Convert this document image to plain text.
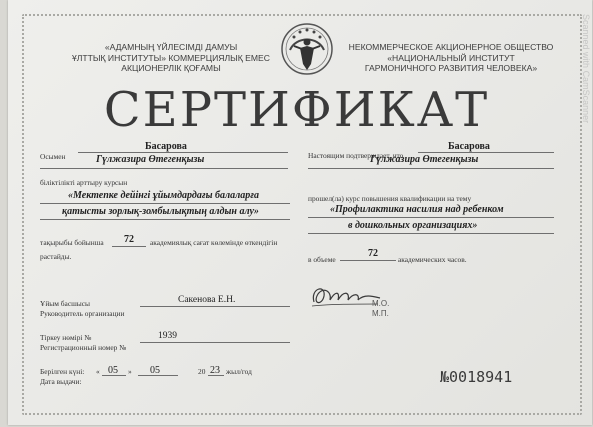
Scanned with CamScanner
«АДАМНЫҢ ҮЙЛЕСІМДІ ДАМУЫ
ҰЛТТЫҚ ИНСТИТУТЫ» КОММЕРЦИЯЛЫҚ ЕМЕС
АКЦИОНЕРЛІК ҚОҒАМЫ
НЕКОММЕРЧЕСКОЕ АКЦИОНЕРНОЕ ОБЩЕСТВО
«НАЦИОНАЛЬНЫЙ ИНСТИТУТ
ГАРМОНИЧНОГО РАЗВИТИЯ ЧЕЛОВЕКА»
СЕРТИФИКАТ
Басарова
Осымен	Гүлжазира Өтегенқызы
біліктілікті арттыру курсын
«Мектепке дейінгі ұйымдардағы балаларға
қатысты зорлық-зомбылықтың алдын алу»
тақырыбы бойынша 72 академиялық сағат көлемінде өткендігін
растайды.
Ұйым басшысы
Руководитель организации
Сакенова Е.Н.
Тіркеу нөмірі №
Регистрационный номер №
1939
Берілген күні:
Дата выдачи:
« 05 » 05	20 23 жыл/год
Басарова
Настоящим подтверждает, что
Гүлжазира Өтегенқызы
прошел(ла) курс повышения квалификации на тему
«Профилактика насилия над ребенком
в дошкольных организациях»
в объеме
72
академических часов.
М.О.
М.П.
№0018941
